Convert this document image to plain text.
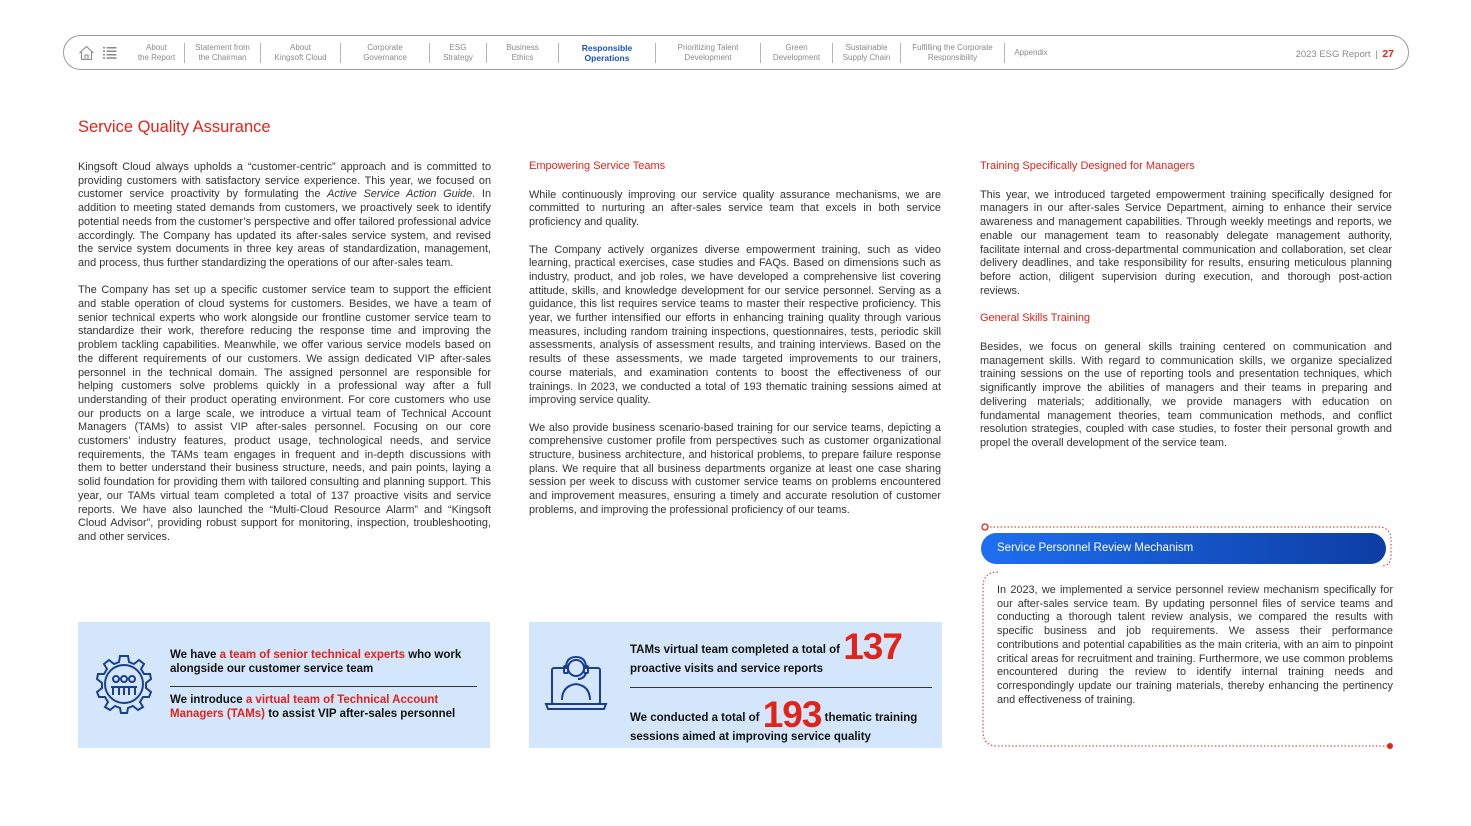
About
the Report
Statement from
the Chairman
About
Kingsoft Cloud
Corporate
Governance
ESG
Strategy
Business
Ethics
Responsible
Operations
Prioritizing Talent
Development
Green
Development
Sustainable
Supply Chain
Fulfilling the Corporate
Responsibility
Appendix	2023 ESG Report | 27
Service Quality Assurance

Kingsoft Cloud always upholds a “customer-centric” approach and is committed to providing customers with satisfactory service experience. This year, we focused on customer service proactivity by formulating the Active Service Action Guide. In addition to meeting stated demands from customers, we proactively seek to identify potential needs from the customer’s perspective and offer tailored professional advice accordingly. The Company has updated its after-sales service system, and revised the service system documents in three key areas of standardization, management, and process, thus further standardizing the operations of our after-sales team.

The Company has set up a specific customer service team to support the efficient and stable operation of cloud systems for customers. Besides, we have a team of senior technical experts who work alongside our frontline customer service team to standardize their work, therefore reducing the response time and improving the problem tackling capabilities. Meanwhile, we offer various service models based on the different requirements of our customers. We assign dedicated VIP after-sales personnel in the technical domain. The assigned personnel are responsible for helping customers solve problems quickly in a professional way after a full understanding of their product operating environment. For core customers who use our products on a large scale, we introduce a virtual team of Technical Account Managers (TAMs) to assist VIP after-sales personnel. Focusing on our core customers’ industry features, product usage, technological needs, and service requirements, the TAMs team engages in frequent and in-depth discussions with them to better understand their business structure, needs, and pain points, laying a solid foundation for providing them with tailored consulting and planning support. This year, our TAMs virtual team completed a total of 137 proactive visits and service reports. We have also launched the “Multi-Cloud Resource Alarm” and “Kingsoft Cloud Advisor”, providing robust support for monitoring, inspection, troubleshooting, and other services.

Empowering Service Teams

While continuously improving our service quality assurance mechanisms, we are committed to nurturing an after-sales service team that excels in both service proficiency and quality.

The Company actively organizes diverse empowerment training, such as video learning, practical exercises, case studies and FAQs. Based on dimensions such as industry, product, and job roles, we have developed a comprehensive list covering attitude, skills, and knowledge development for our service personnel. Serving as a guidance, this list requires service teams to master their respective proficiency. This year, we further intensified our efforts in enhancing training quality through various measures, including random training inspections, questionnaires, tests, periodic skill assessments, analysis of assessment results, and training interviews. Based on the results of these assessments, we made targeted improvements to our trainers, course materials, and examination contents to boost the effectiveness of our trainings. In 2023, we conducted a total of 193 thematic training sessions aimed at improving service quality.

We also provide business scenario-based training for our service teams, depicting a comprehensive customer profile from perspectives such as customer organizational structure, business architecture, and historical problems, to prepare failure response plans. We require that all business departments organize at least one case sharing session per week to discuss with customer service teams on problems encountered and improvement measures, ensuring a timely and accurate resolution of customer problems, and improving the professional proficiency of our teams.

Training Specifically Designed for Managers

This year, we introduced targeted empowerment training specifically designed for managers in our after-sales Service Department, aiming to enhance their service awareness and management capabilities. Through weekly meetings and reports, we enable our management team to reasonably delegate management authority, facilitate internal and cross-departmental communication and collaboration, set clear delivery deadlines, and take responsibility for results, ensuring meticulous planning before action, diligent supervision during execution, and thorough post-action reviews.

General Skills Training

Besides, we focus on general skills training centered on communication and management skills. With regard to communication skills, we organize specialized training sessions on the use of reporting tools and presentation techniques, which significantly improve the abilities of managers and their teams in preparing and delivering materials; additionally, we provide managers with education on fundamental management theories, team communication methods, and conflict resolution strategies, coupled with case studies, to foster their personal growth and propel the overall development of the service team.

We have a team of senior technical experts who work alongside our customer service team
We introduce a virtual team of Technical Account Managers (TAMs) to assist VIP after-sales personnel
TAMs virtual team completed a total of 137
proactive visits and service reports
We conducted a total of 193 thematic training sessions aimed at improving service quality
Service Personnel Review Mechanism
In 2023, we implemented a service personnel review mechanism specifically for our after-sales service team. By updating personnel files of service teams and conducting a thorough talent review analysis, we compared the results with specific business and job requirements. We assess their performance contributions and potential capabilities as the main criteria, with an aim to pinpoint critical areas for recruitment and training. Furthermore, we use common problems encountered during the review to identify internal training needs and correspondingly update our training materials, thereby enhancing the pertinency and effectiveness of training.
